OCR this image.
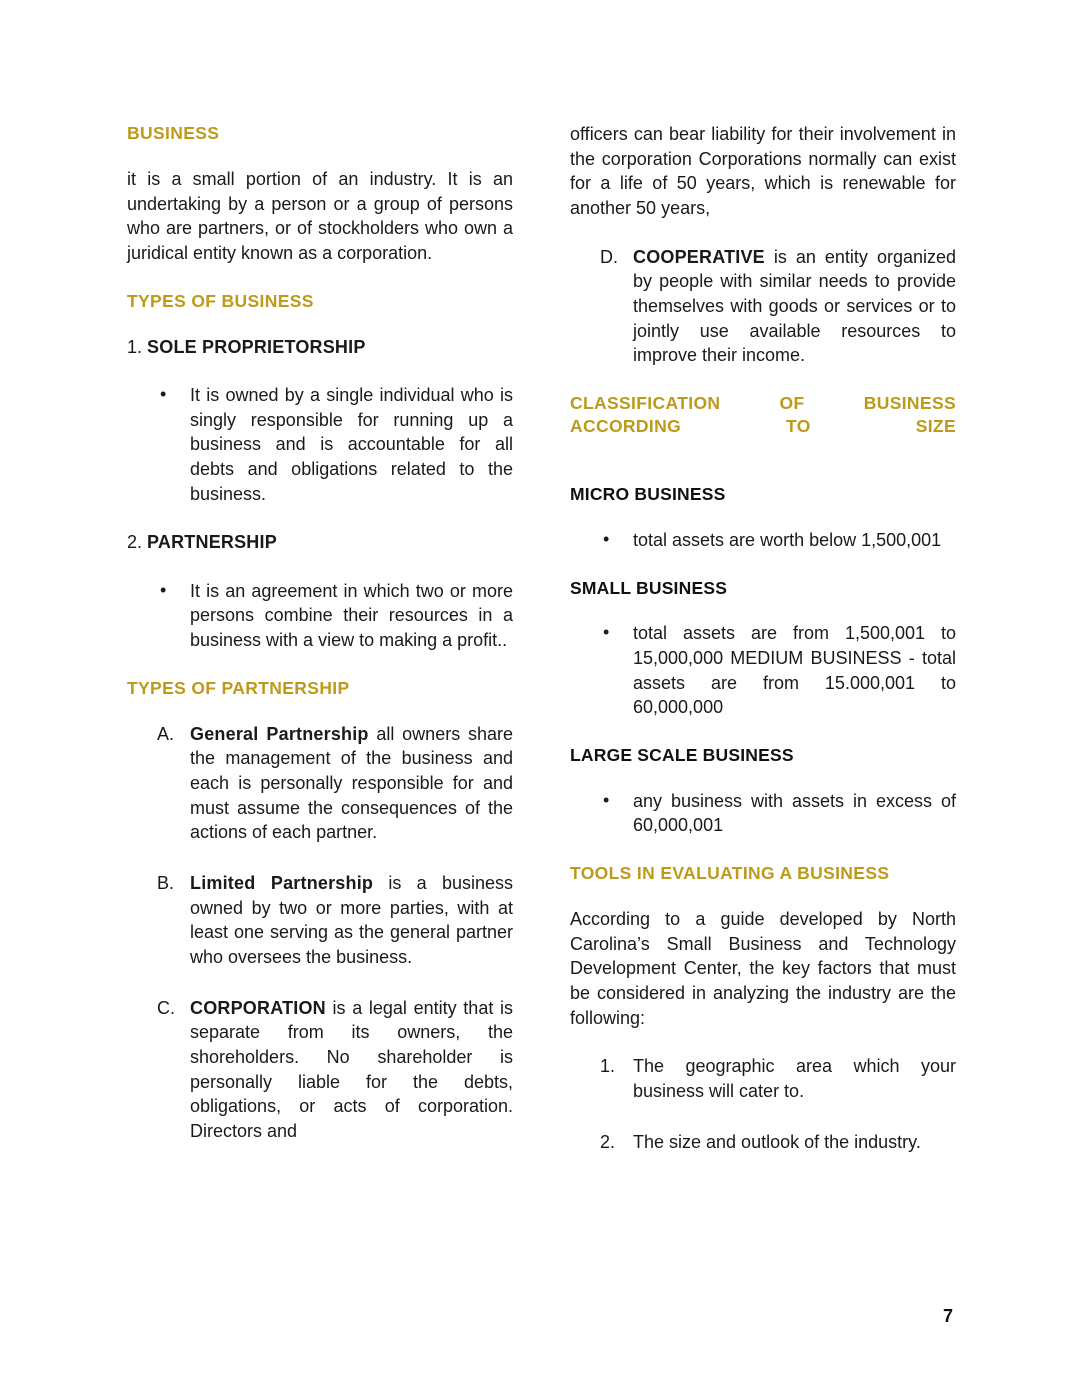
BUSINESS

it is a small portion of an industry. It is an undertaking by a person or a group of persons who are partners, or of stockholders who own a juridical entity known as a corporation.

TYPES OF BUSINESS
1. SOLE PROPRIETORSHIP
• It is owned by a single individual who is singly responsible for running up a business and is accountable for all debts and obligations related to the business.
2. PARTNERSHIP
• It is an agreement in which two or more persons combine their resources in a business with a view to making a profit..
TYPES OF PARTNERSHIP
A. General Partnership all owners share the management of the business and each is personally responsible for and must assume the consequences of the actions of each partner.
B. Limited Partnership is a business owned by two or more parties, with at least one serving as the general partner who oversees the business.
C. CORPORATION is a legal entity that is separate from its owners, the shoreholders. No shareholder is personally liable for the debts, obligations, or acts of corporation. Directors and

officers can bear liability for their involvement in the corporation Corporations normally can exist for a life of 50 years, which is renewable for another 50 years,

D. COOPERATIVE is an entity organized by people with similar needs to provide themselves with goods or services or to jointly use available resources to improve their income.
CLASSIFICATION OF BUSINESS ACCORDING TO SIZE
MICRO BUSINESS
• total assets are worth below 1,500,001
SMALL BUSINESS
• total assets are from 1,500,001 to 15,000,000 MEDIUM BUSINESS - total assets are from 15.000,001 to 60,000,000
LARGE SCALE BUSINESS
• any business with assets in excess of 60,000,001
TOOLS IN EVALUATING A BUSINESS

According to a guide developed by North Carolina’s Small Business and Technology Development Center, the key factors that must be considered in analyzing the industry are the following:

1. The geographic area which your business will cater to.
2. The size and outlook of the industry.
7
